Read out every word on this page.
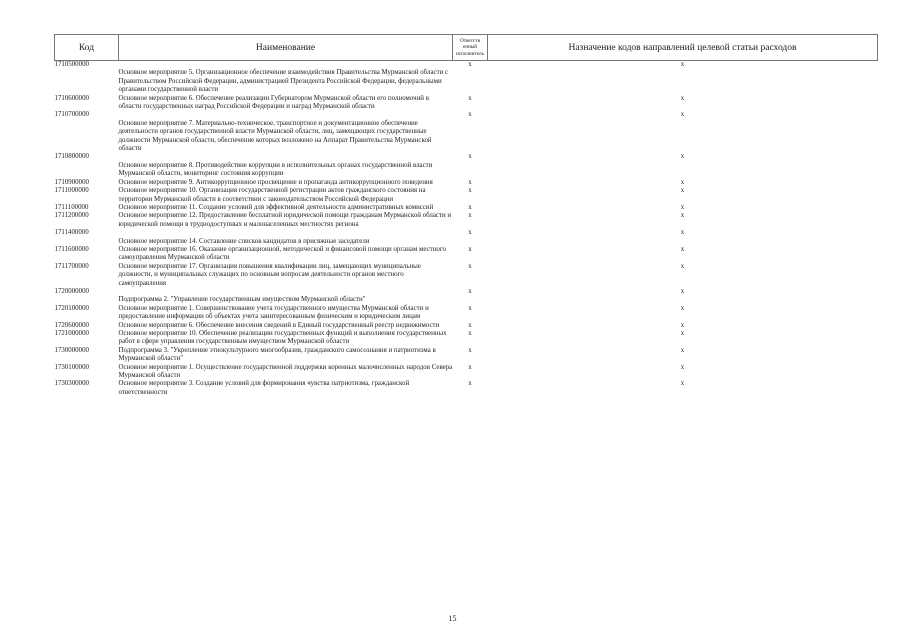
Код	Наименование	Ответств енный исполнитель	Назначение кодов направлений целевой статьи расходов
1710500000		x	x
	Основное мероприятие 5. Организационное обеспечение взаимодействия Правительства Мурманской области с Правительством Российской Федерации, администрацией Президента Российской Федерации, федеральными органами государственной власти		
1710600000	Основное мероприятие 6. Обеспечение реализации Губернатором Мурманской области его полномочий в области государственных наград Российской Федерации и наград Мурманской области	x	x
1710700000		x	x
	Основное мероприятие 7. Материально-техническое, транспортное и документационное обеспечение деятельности органов государственной власти Мурманской области, лиц, замещающих государственные должности Мурманской области, обеспечение которых возложено на Аппарат Правительства Мурманской области		
1710800000		x	x
	Основное мероприятие 8. Противодействие коррупции в исполнительных органах государственной власти Мурманской области, мониторинг состояния коррупции		
1710900000	Основное мероприятие 9. Антикоррупционное просвещение и пропаганда антикоррупционного поведения	x	x
1711000000	Основное мероприятие 10. Организация государственной регистрации актов гражданского состояния на территории Мурманской области в соответствии с законодательством Российской Федерации	x	x
1711100000	Основное мероприятие 11. Создание условий для эффективной деятельности административных комиссий	x	x
1711200000	Основное мероприятие 12. Предоставление бесплатной юридической помощи гражданам Мурманской области и юридической помощи в труднодоступных и малонаселенных местностях региона	x	x
1711400000		x	x
	Основное мероприятие 14. Составление списков кандидатов в присяжные заседатели		
1711600000	Основное мероприятие 16. Оказание организационной, методической и финансовой помощи органам местного самоуправления Мурманской области	x	x
1711700000	Основное мероприятие 17. Организация повышения квалификации лиц, замещающих муниципальные должности, и муниципальных служащих по основным вопросам деятельности органов местного самоуправления	x	x
1720000000		x	x
	Подпрограмма 2. "Управление государственным имуществом Мурманской области"		
1720100000	Основное мероприятие 1. Совершенствование учета государственного имущества Мурманской области и предоставление информации об объектах учета заинтересованным физическим и юридическим лицам	x	x
1720600000	Основное мероприятие 6. Обеспечение внесения сведений в Единый государственный реестр недвижимости	x	x
1721000000	Основное мероприятие 10. Обеспечение реализации государственных функций и выполнения государственных работ в сфере управления государственным имуществом Мурманской области	x	x
1730000000	Подпрограмма 3. "Укрепление этнокультурного многообразия, гражданского самосознания и патриотизма в Мурманской области"	x	x
1730100000	Основное мероприятие 1. Осуществление государственной поддержки коренных малочисленных народов Севера Мурманской области	x	x
1730300000	Основное мероприятие 3. Создание условий для формирования чувства патриотизма, гражданской ответственности	x	x
15
